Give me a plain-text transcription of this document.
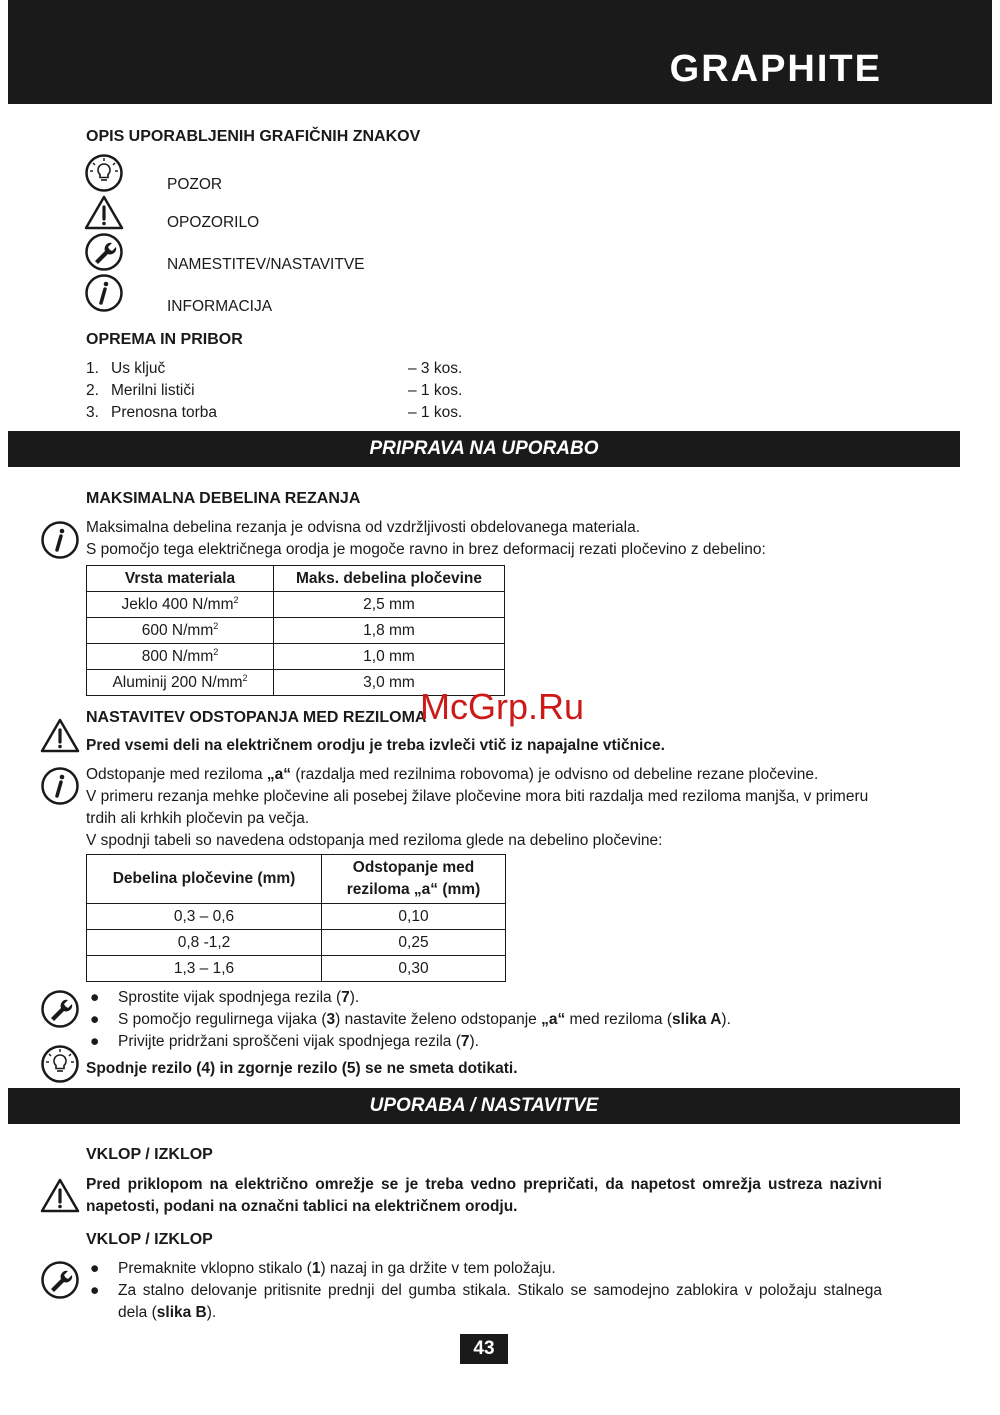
GRAPHITE
OPIS UPORABLJENIH GRAFIČNIH ZNAKOV
POZOR
OPOZORILO
NAMESTITEV/NASTAVITVE
INFORMACIJA
OPREMA IN PRIBOR
1. Us ključ	– 3 kos.
2. Merilni lističi	– 1 kos.
3. Prenosna torba	– 1 kos.
PRIPRAVA NA UPORABO
MAKSIMALNA DEBELINA REZANJA
Maksimalna debelina rezanja je odvisna od vzdržljivosti obdelovanega materiala.
S pomočjo tega električnega orodja je mogoče ravno in brez deformacij rezati pločevino z debelino:
Vrsta materiala	Maks. debelina pločevine
Jeklo 400 $N/mm^2$	2,5 mm
600 $N/mm^2$	1,8 mm
800 $N/mm^2$	1,0 mm
Aluminij 200 $N/mm^2$	3,0 mm
NASTAVITEV ODSTOPANJA MED REZILOMA
McGrp.Ru
Pred vsemi deli na električnem orodju je treba izvleči vtič iz napajalne vtičnice.
Odstopanje med reziloma „a“ (razdalja med rezilnima robovoma) je odvisno od debeline rezane pločevine.
V primeru rezanja mehke pločevine ali posebej žilave pločevine mora biti razdalja med reziloma manjša, v primeru trdih ali krhkih pločevin pa večja.
V spodnji tabeli so navedena odstopanja med reziloma glede na debelino pločevine:
Debelina pločevine (mm)	Odstopanje med
reziloma „a“ (mm)
0,3 – 0,6	0,10
0,8 -1,2	0,25
1,3 – 1,6	0,30
● Sprostite vijak spodnjega rezila (7).
● S pomočjo regulirnega vijaka (3) nastavite želeno odstopanje „a“ med reziloma (slika A).
● Privijte pridržani sproščeni vijak spodnjega rezila (7).
Spodnje rezilo (4) in zgornje rezilo (5) se ne smeta dotikati.
UPORABA / NASTAVITVE
VKLOP / IZKLOP
Pred priklopom na električno omrežje se je treba vedno prepričati, da napetost omrežja ustreza nazivni napetosti, podani na označni tablici na električnem orodju.
VKLOP / IZKLOP
● Premaknite vklopno stikalo (1) nazaj in ga držite v tem položaju.
● Za stalno delovanje pritisnite prednji del gumba stikala. Stikalo se samodejno zablokira v položaju stalnega dela (slika B).
43
